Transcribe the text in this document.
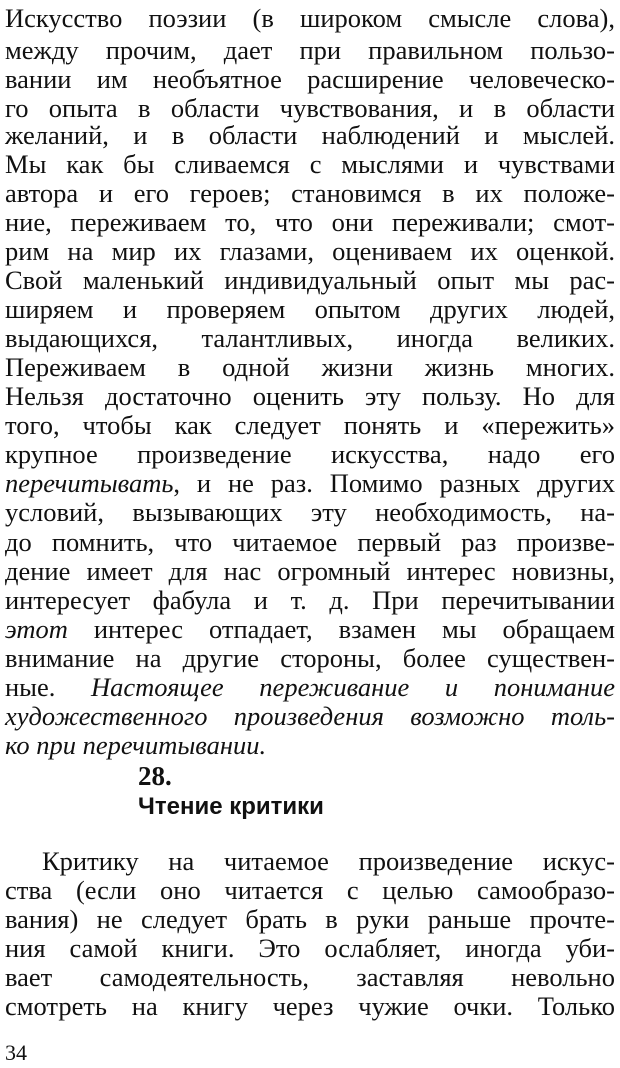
Искусство поэзии (в широком смысле слова),
между прочим, дает при правильном пользо-
вании им необъятное расширение человеческо-
го опыта в области чувствования, и в области
желаний, и в области наблюдений и мыслей.
Мы как бы сливаемся с мыслями и чувствами
автора и его героев; становимся в их положе-
ние, переживаем то, что они переживали; смот-
рим на мир их глазами, оцениваем их оценкой.
Свой маленький индивидуальный опыт мы рас-
ширяем и проверяем опытом других людей,
выдающихся, талантливых, иногда великих.
Переживаем в одной жизни жизнь многих.
Нельзя достаточно оценить эту пользу. Но для
того, чтобы как следует понять и «пережить»
крупное произведение искусства, надо его
перечитывать, и не раз. Помимо разных других
условий, вызывающих эту необходимость, на-
до помнить, что читаемое первый раз произве-
дение имеет для нас огромный интерес новизны,
интересует фабула и т. д. При перечитывании
этот интерес отпадает, взамен мы обращаем
внимание на другие стороны, более существен-
ные. Настоящее переживание и понимание
художественного произведения возможно толь-
ко при перечитывании.
28.
Чтение критики
Критику на читаемое произведение искус-
ства (если оно читается с целью самообразо-
вания) не следует брать в руки раньше прочте-
ния самой книги. Это ослабляет, иногда уби-
вает самодеятельность, заставляя невольно
смотреть на книгу через чужие очки. Только
34
